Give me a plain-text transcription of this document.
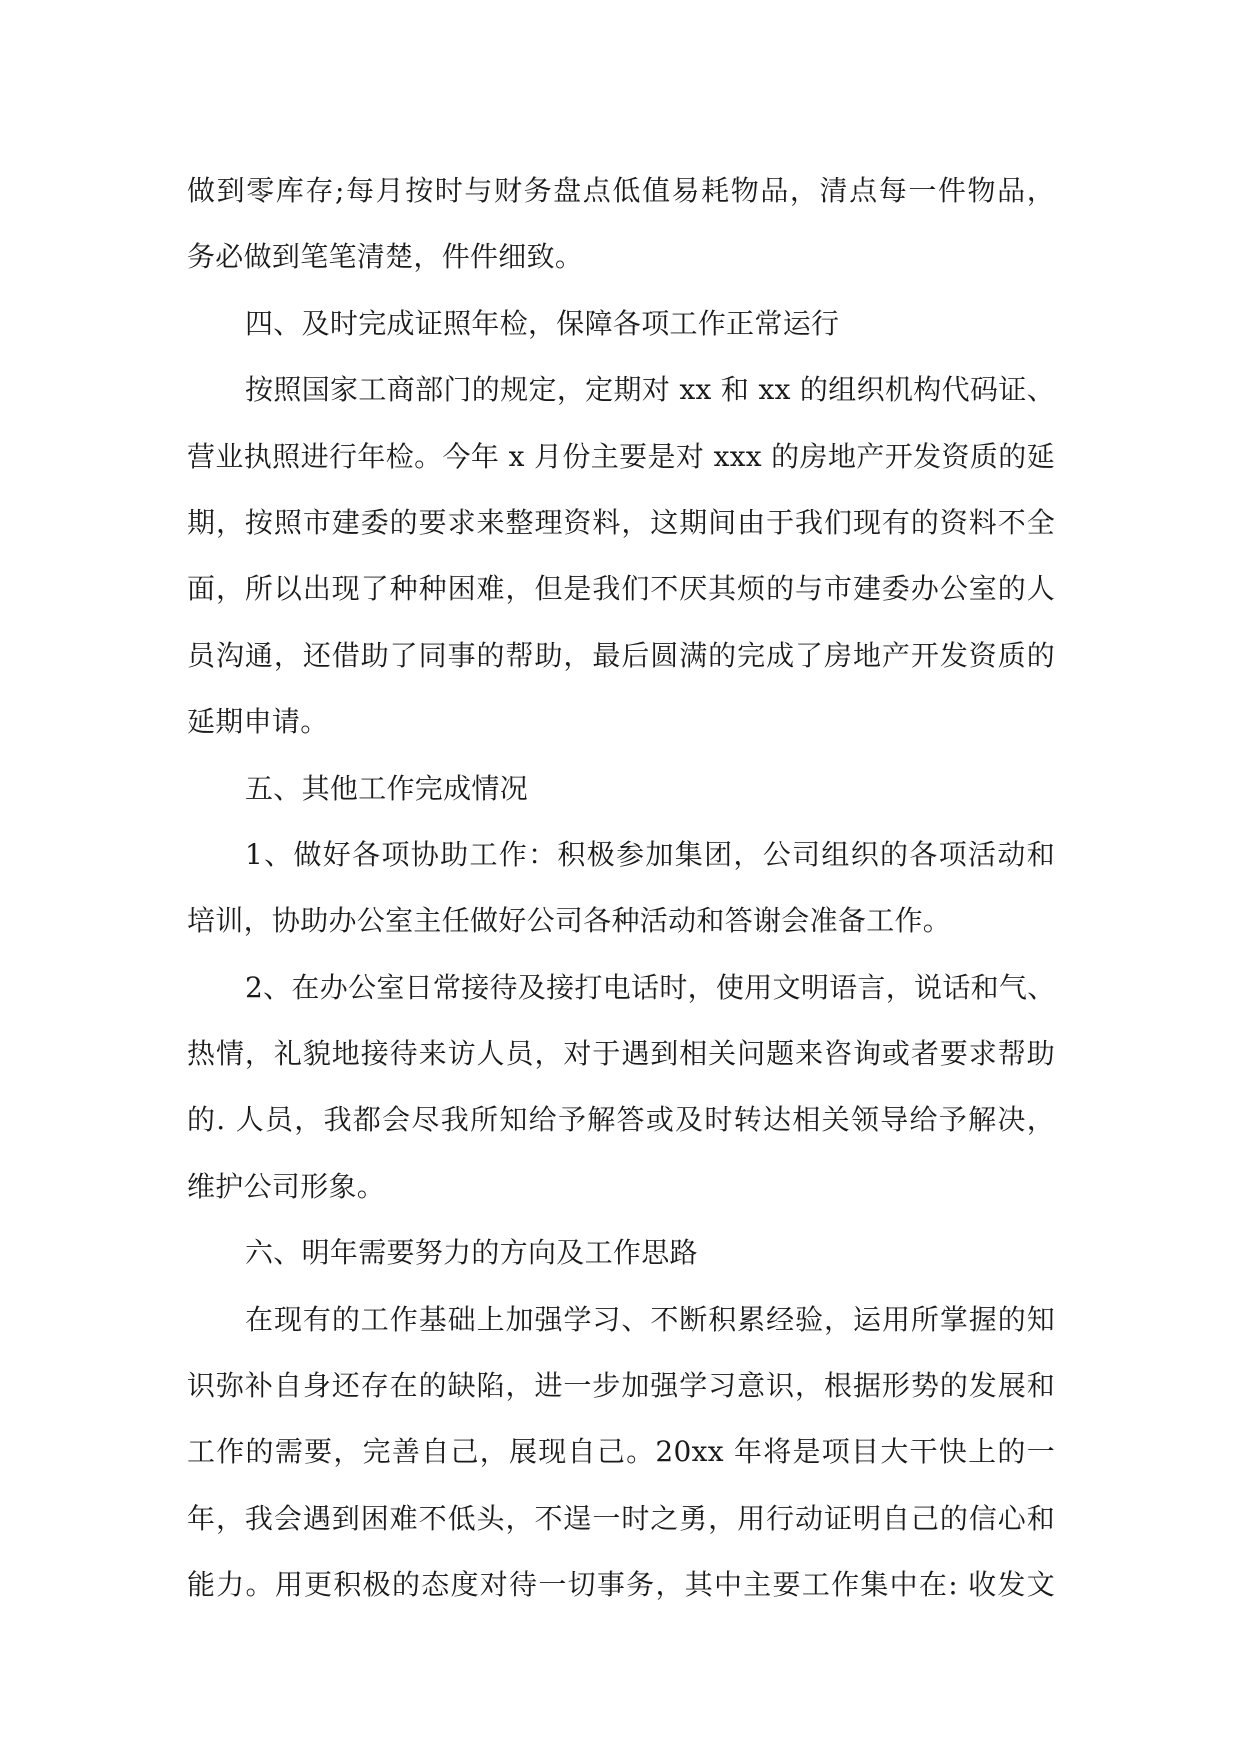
做到零库存;每月按时与财务盘点低值易耗物品，清点每一件物品，
务必做到笔笔清楚，件件细致。
四、及时完成证照年检，保障各项工作正常运行
按照国家工商部门的规定，定期对 xx 和 xx 的组织机构代码证、
营业执照进行年检。今年 x 月份主要是对 xxx 的房地产开发资质的延
期，按照市建委的要求来整理资料，这期间由于我们现有的资料不全
面，所以出现了种种困难，但是我们不厌其烦的与市建委办公室的人
员沟通，还借助了同事的帮助，最后圆满的完成了房地产开发资质的
延期申请。
五、其他工作完成情况
1、做好各项协助工作：积极参加集团，公司组织的各项活动和
培训，协助办公室主任做好公司各种活动和答谢会准备工作。
2、在办公室日常接待及接打电话时，使用文明语言，说话和气、
热情，礼貌地接待来访人员，对于遇到相关问题来咨询或者要求帮助
的. 人员，我都会尽我所知给予解答或及时转达相关领导给予解决，
维护公司形象。
六、明年需要努力的方向及工作思路
在现有的工作基础上加强学习、不断积累经验，运用所掌握的知
识弥补自身还存在的缺陷，进一步加强学习意识，根据形势的发展和
工作的需要，完善自己，展现自己。20xx 年将是项目大干快上的一
年，我会遇到困难不低头，不逞一时之勇，用行动证明自己的信心和
能力。用更积极的态度对待一切事务，其中主要工作集中在: 收发文
